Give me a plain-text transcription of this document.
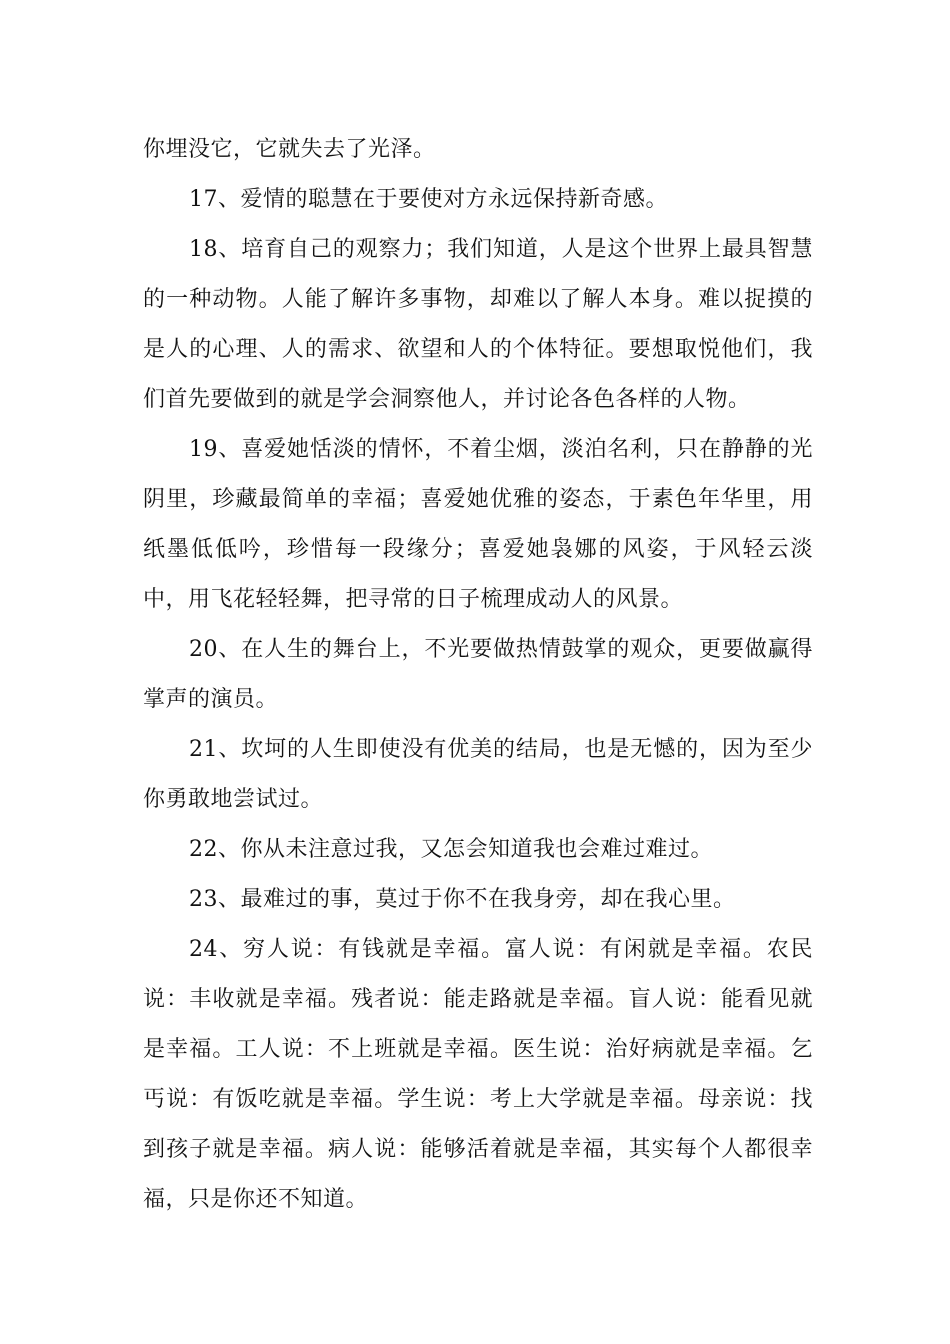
你埋没它，它就失去了光泽。

17、爱情的聪慧在于要使对方永远保持新奇感。

18、培育自己的观察力；我们知道，人是这个世界上最具智慧的一种动物。人能了解许多事物，却难以了解人本身。难以捉摸的是人的心理、人的需求、欲望和人的个体特征。要想取悦他们，我们首先要做到的就是学会洞察他人，并讨论各色各样的人物。

19、喜爱她恬淡的情怀，不着尘烟，淡泊名利，只在静静的光阴里，珍藏最简单的幸福；喜爱她优雅的姿态，于素色年华里，用纸墨低低吟，珍惜每一段缘分；喜爱她袅娜的风姿，于风轻云淡中，用飞花轻轻舞，把寻常的日子梳理成动人的风景。

20、在人生的舞台上，不光要做热情鼓掌的观众，更要做赢得掌声的演员。

21、坎坷的人生即使没有优美的结局，也是无憾的，因为至少你勇敢地尝试过。

22、你从未注意过我，又怎会知道我也会难过难过。

23、最难过的事，莫过于你不在我身旁，却在我心里。

24、穷人说：有钱就是幸福。富人说：有闲就是幸福。农民说：丰收就是幸福。残者说：能走路就是幸福。盲人说：能看见就是幸福。工人说：不上班就是幸福。医生说：治好病就是幸福。乞丐说：有饭吃就是幸福。学生说：考上大学就是幸福。母亲说：找到孩子就是幸福。病人说：能够活着就是幸福，其实每个人都很幸福，只是你还不知道。
